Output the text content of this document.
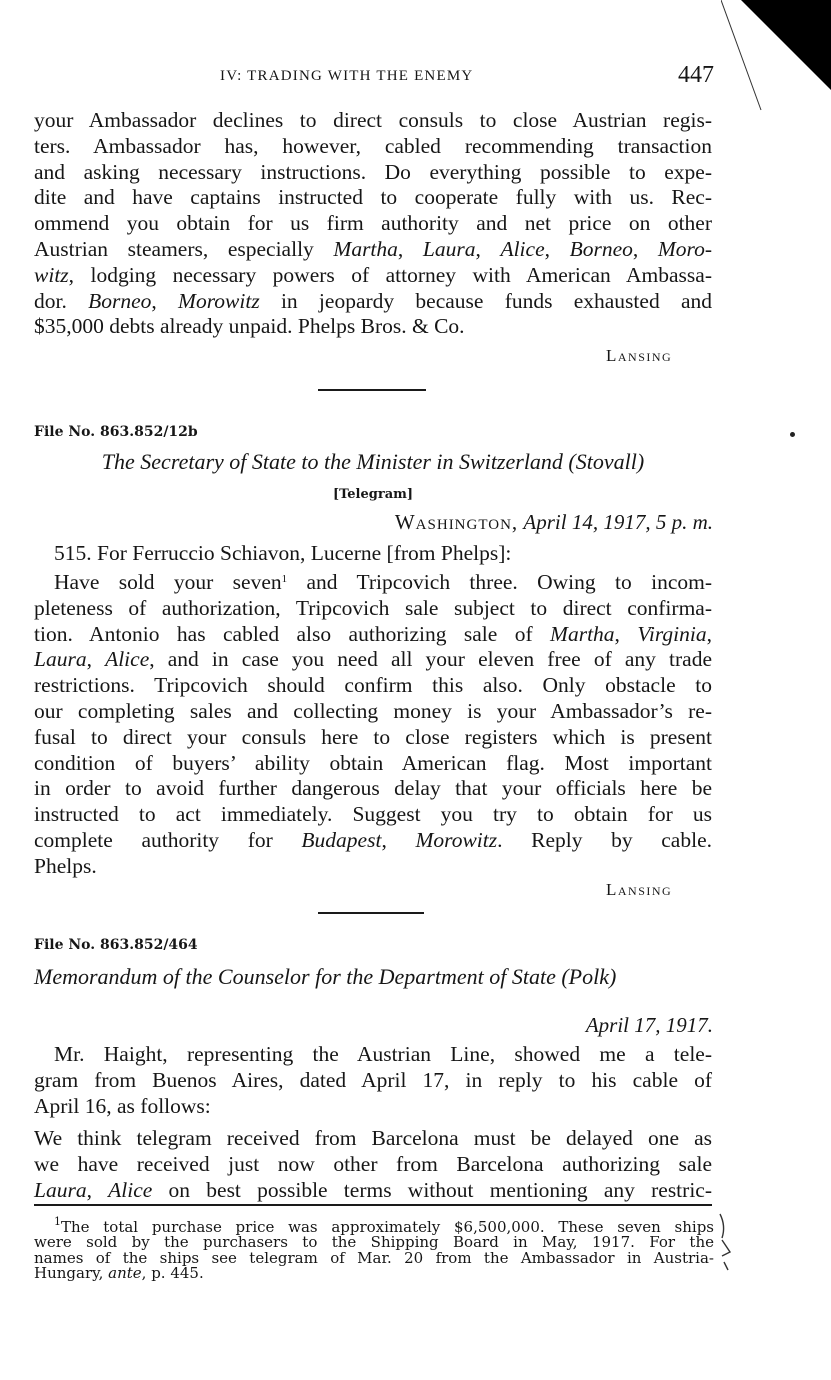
IV: TRADING WITH THE ENEMY	447
your Ambassador declines to direct consuls to close Austrian regis-
ters. Ambassador has, however, cabled recommending transaction
and asking necessary instructions. Do everything possible to expe-
dite and have captains instructed to cooperate fully with us. Rec-
ommend you obtain for us firm authority and net price on other
Austrian steamers, especially Martha, Laura, Alice, Borneo, Moro-
witz, lodging necessary powers of attorney with American Ambassa-
dor. Borneo, Morowitz in jeopardy because funds exhausted and
$35,000 debts already unpaid. Phelps Bros. & Co.
Lansing
File No. 863.852/12b
The Secretary of State to the Minister in Switzerland (Stovall)
[Telegram]
Washington, April 14, 1917, 5 p. m.
515. For Ferruccio Schiavon, Lucerne [from Phelps]:
Have sold your seven$^1$ and Tripcovich three. Owing to incom-
pleteness of authorization, Tripcovich sale subject to direct confirma-
tion. Antonio has cabled also authorizing sale of Martha, Virginia,
Laura, Alice, and in case you need all your eleven free of any trade
restrictions. Tripcovich should confirm this also. Only obstacle to
our completing sales and collecting money is your Ambassador’s re-
fusal to direct your consuls here to close registers which is present
condition of buyers’ ability obtain American flag. Most important
in order to avoid further dangerous delay that your officials here be
instructed to act immediately. Suggest you try to obtain for us
complete authority for Budapest, Morowitz. Reply by cable.
Phelps.
Lansing
File No. 863.852/464
Memorandum of the Counselor for the Department of State (Polk)
April 17, 1917.
Mr. Haight, representing the Austrian Line, showed me a tele-
gram from Buenos Aires, dated April 17, in reply to his cable of
April 16, as follows:
We think telegram received from Barcelona must be delayed one as
we have received just now other from Barcelona authorizing sale
Laura, Alice on best possible terms without mentioning any restric-
$^1$The total purchase price was approximately $6,500,000. These seven ships
were sold by the purchasers to the Shipping Board in May, 1917. For the
names of the ships see telegram of Mar. 20 from the Ambassador in Austria-
Hungary, ante, p. 445.
